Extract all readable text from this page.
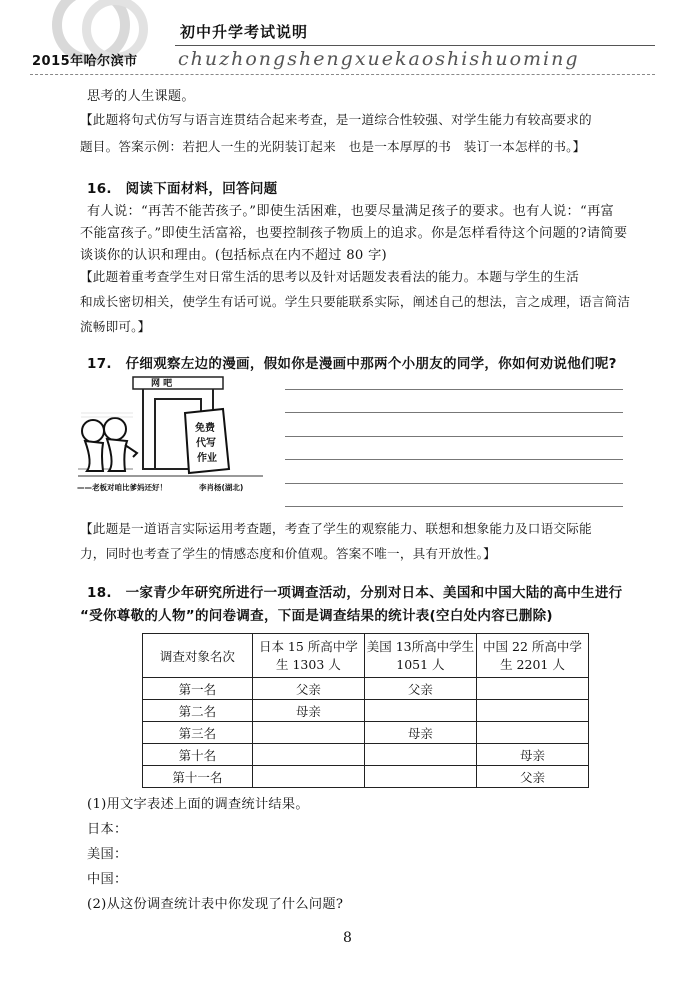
2015年哈尔滨市
初中升学考试说明
chuzhongshengxuekaoshishuoming
思考的人生课题。
【此题将句式仿写与语言连贯结合起来考查，是一道综合性较强、对学生能力有较高要求的
题目。答案示例：若把人一生的光阴装订起来　也是一本厚厚的书　装订一本怎样的书。】
16.　阅读下面材料，回答问题
有人说：“再苦不能苦孩子。”即使生活困难，也要尽量满足孩子的要求。也有人说：“再富
不能富孩子。”即使生活富裕，也要控制孩子物质上的追求。你是怎样看待这个问题的?请简要
谈谈你的认识和理由。(包括标点在内不超过 80 字)
【此题着重考查学生对日常生活的思考以及针对话题发表看法的能力。本题与学生的生活
和成长密切相关，使学生有话可说。学生只要能联系实际，阐述自己的想法，言之成理，语言简洁
流畅即可。】
17.　仔细观察左边的漫画，假如你是漫画中那两个小朋友的同学，你如何劝说他们呢?
网 吧
免费
代写
作业
——老板对咱比爹妈还好！	李肖杨(湖北)
【此题是一道语言实际运用考查题，考查了学生的观察能力、联想和想象能力及口语交际能
力，同时也考查了学生的情感态度和价值观。答案不唯一，具有开放性。】
18.　一家青少年研究所进行一项调查活动，分别对日本、美国和中国大陆的高中生进行
“受你尊敬的人物”的问卷调查，下面是调查结果的统计表(空白处内容已删除)
调查对象名次	日本 15 所高中学生 1303 人	美国 13所高中学生 1051 人	中国 22 所高中学生 2201 人
第一名	父亲	父亲	
第二名	母亲		
第三名		母亲	
第十名			母亲
第十一名			父亲
(1)用文字表述上面的调查统计结果。
日本：
美国：
中国：
(2)从这份调查统计表中你发现了什么问题?
8
